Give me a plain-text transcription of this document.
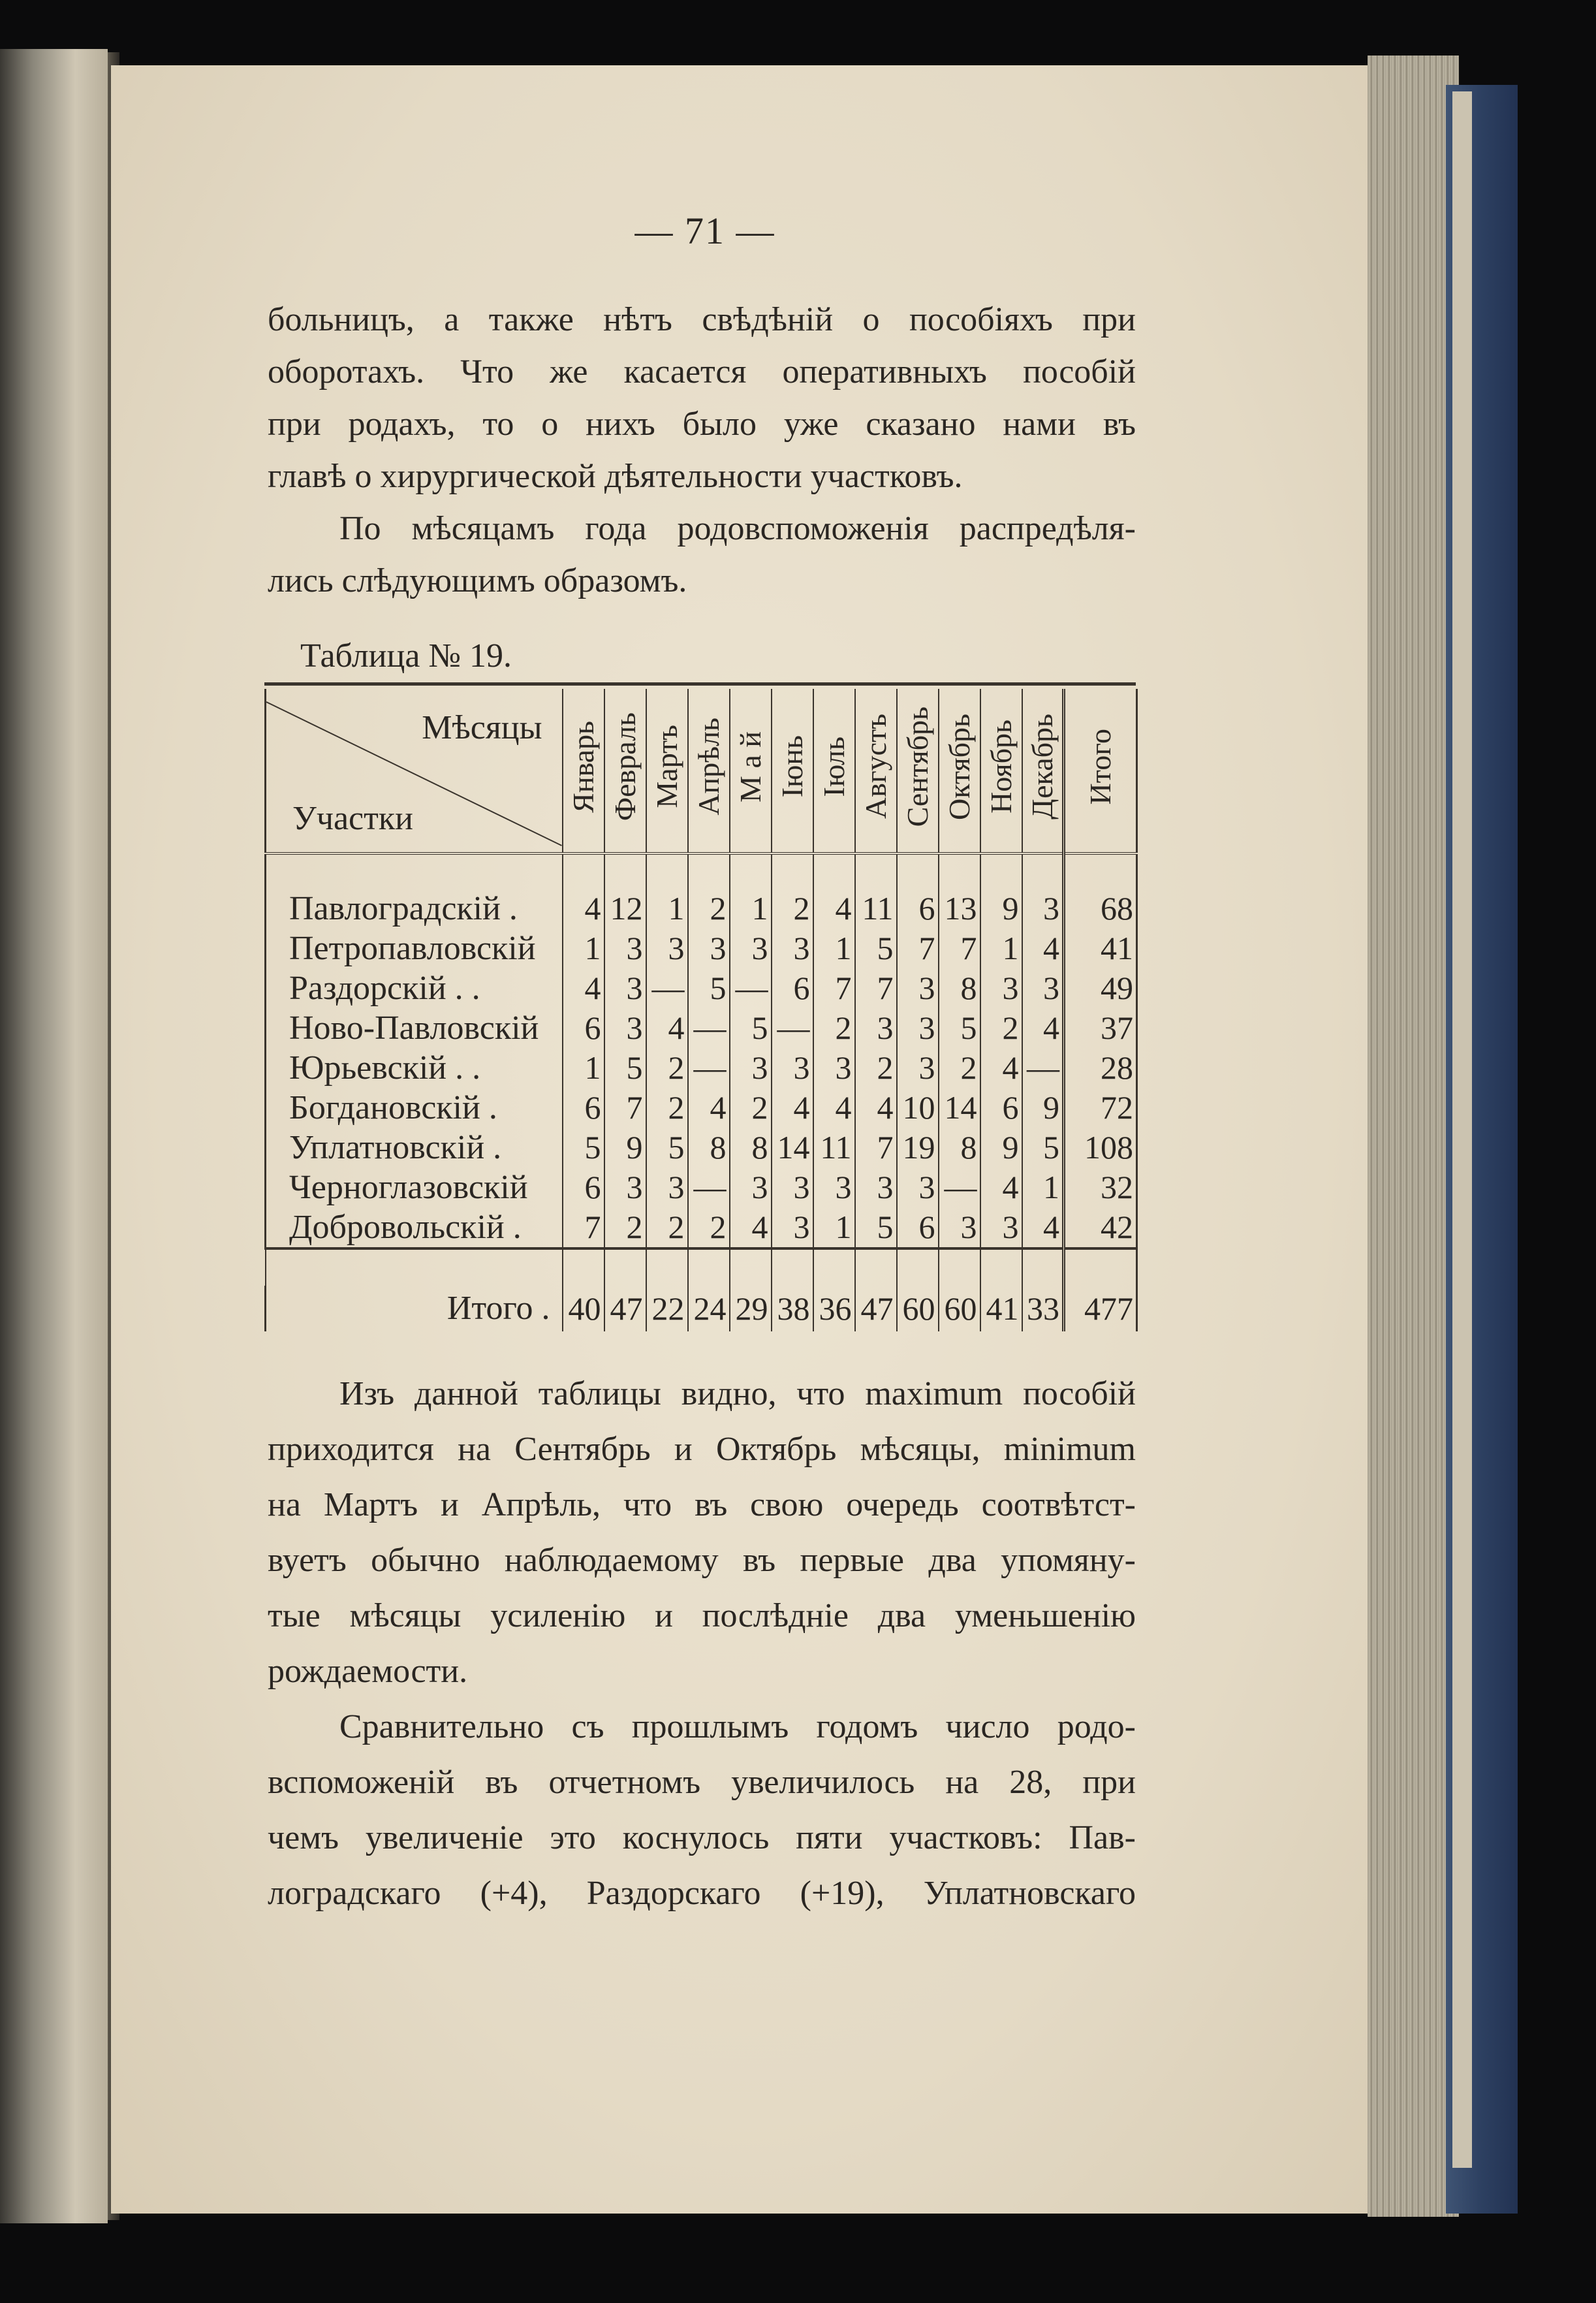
— 71 —

больницъ, а также нѣтъ свѣдѣній о пособіяхъ при

оборотахъ. Что же касается оперативныхъ пособій

при родахъ, то о нихъ было уже сказано нами въ

главѣ о хирургической дѣятельности участковъ.

По мѣсяцамъ года родовспоможенія распредѣля-

лись слѣдующимъ образомъ.

Таблица № 19.
Мѣсяцы
Участки	Январь	Февраль	Мартъ	Апрѣль	М а й	Іюнь	Іюль	Августъ	Сентябрь	Октябрь	Ноябрь	Декабрь	Итого

Павлоградскій .	4	12	1	2	1	2	4	11	6	13	9	3	68
Петропавловскій	1	3	3	3	3	3	1	5	7	7	1	4	41
Раздорскій . .	4	3	—	5	—	6	7	7	3	8	3	3	49
Ново-Павловскій	6	3	4	—	5	—	2	3	3	5	2	4	37
Юрьевскій . .	1	5	2	—	3	3	3	2	3	2	4	—	28
Богдановскій .	6	7	2	4	2	4	4	4	10	14	6	9	72
Уплатновскій .	5	9	5	8	8	14	11	7	19	8	9	5	108
Черноглазовскій	6	3	3	—	3	3	3	3	3	—	4	1	32
Добровольскій .	7	2	2	2	4	3	1	5	6	3	3	4	42

Итого .	40	47	22	24	29	38	36	47	60	60	41	33	477

Изъ данной таблицы видно, что maximum пособій

приходится на Сентябрь и Октябрь мѣсяцы, minimum

на Мартъ и Апрѣль, что въ свою очередь соотвѣтст-

вуетъ обычно наблюдаемому въ первые два упомяну-

тые мѣсяцы усиленію и послѣдніе два уменьшенію

рождаемости.

Сравнительно съ прошлымъ годомъ число родо-

вспоможеній въ отчетномъ увеличилось на 28, при

чемъ увеличеніе это коснулось пяти участковъ: Пав-

лоградскаго (+4), Раздорскаго (+19), Уплатновскаго
